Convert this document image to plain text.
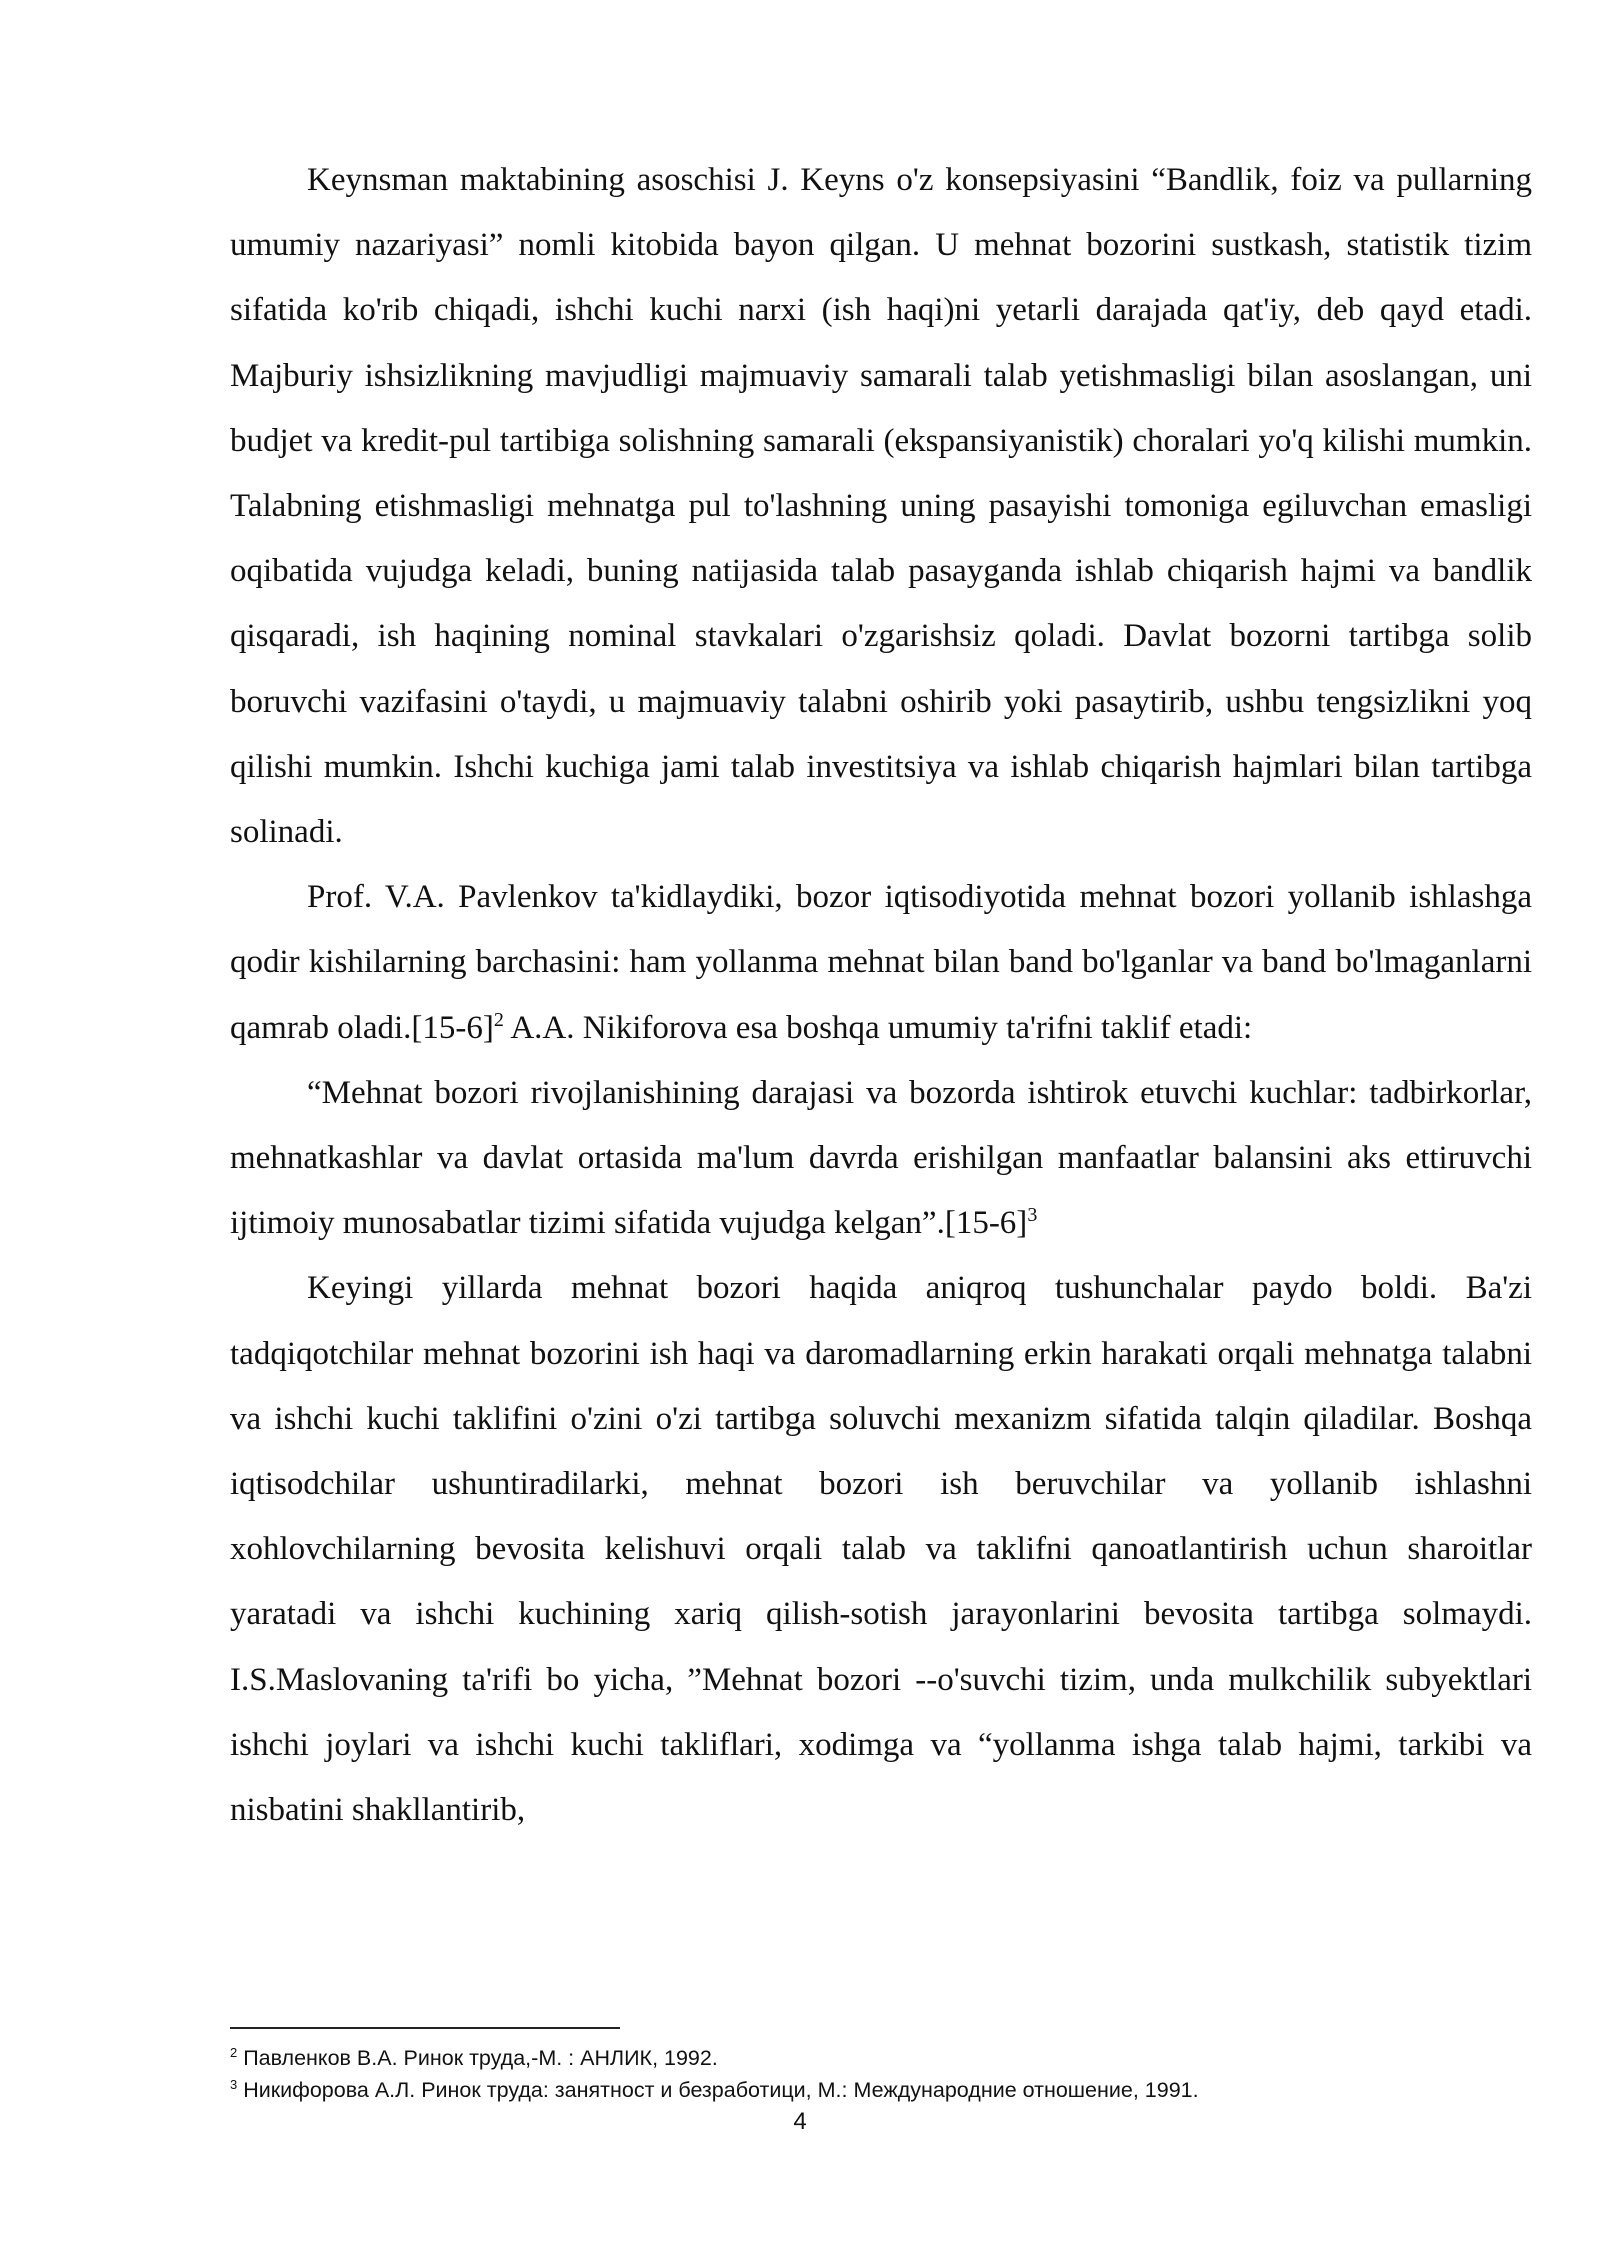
Keynsman maktabining asoschisi J. Keyns o'z konsepsiyasini “Bandlik, foiz va pullarning umumiy nazariyasi” nomli kitobida bayon qilgan. U mehnat bozorini sustkash, statistik tizim sifatida ko'rib chiqadi, ishchi kuchi narxi (ish haqi)ni yetarli darajada qat'iy, deb qayd etadi. Majburiy ishsizlikning mavjudligi majmuaviy samarali talab yetishmasligi bilan asoslangan, uni budjet va kredit-pul tartibiga solishning samarali (ekspansiyanistik) choralari yo'q kilishi mumkin. Talabning etishmasligi mehnatga pul to'lashning uning pasayishi tomoniga egiluvchan emasligi oqibatida vujudga keladi, buning natijasida talab pasayganda ishlab chiqarish hajmi va bandlik qisqaradi, ish haqining nominal stavkalari o'zgarishsiz qoladi. Davlat bozorni tartibga solib boruvchi vazifasini o'taydi, u majmuaviy talabni oshirib yoki pasaytirib, ushbu tengsizlikni yoq qilishi mumkin. Ishchi kuchiga jami talab investitsiya va ishlab chiqarish hajmlari bilan tartibga solinadi.

Prof. V.A. Pavlenkov ta'kidlaydiki, bozor iqtisodiyotida mehnat bozori yollanib ishlashga qodir kishilarning barchasini: ham yollanma mehnat bilan band bo'lganlar va band bo'lmaganlarni qamrab $oladi.[15-6]^2$ A.A. Nikiforova esa boshqa umumiy ta'rifni taklif etadi:

“Mehnat bozori rivojlanishining darajasi va bozorda ishtirok etuvchi kuchlar: tadbirkorlar, mehnatkashlar va davlat ortasida ma'lum davrda erishilgan manfaatlar balansini aks ettiruvchi ijtimoiy munosabatlar tizimi sifatida vujudga $kelgan”.[15-6]^3$

Keyingi yillarda mehnat bozori haqida aniqroq tushunchalar paydo boldi. Ba'zi tadqiqotchilar mehnat bozorini ish haqi va daromadlarning erkin harakati orqali mehnatga talabni va ishchi kuchi taklifini o'zini o'zi tartibga soluvchi mexanizm sifatida talqin qiladilar. Boshqa iqtisodchilar ushuntiradilarki, mehnat bozori ish beruvchilar va yollanib ishlashni xohlovchilarning bevosita kelishuvi orqali talab va taklifni qanoatlantirish uchun sharoitlar yaratadi va ishchi kuchining xariq qilish-sotish jarayonlarini bevosita tartibga solmaydi. I.S.Maslovaning ta'rifi bo yicha, ”Mehnat bozori --o'suvchi tizim, unda mulkchilik subyektlari ishchi joylari va ishchi kuchi takliflari, xodimga va “yollanma ishga talab hajmi, tarkibi va nisbatini shakllantirib,

$^2$ Павленков В.А. Ринок труда,-М. : АНЛИК, 1992.

$^3$ Никифорова А.Л. Ринок труда: занятност и безработици, М.: Международние отношение, 1991.

4
